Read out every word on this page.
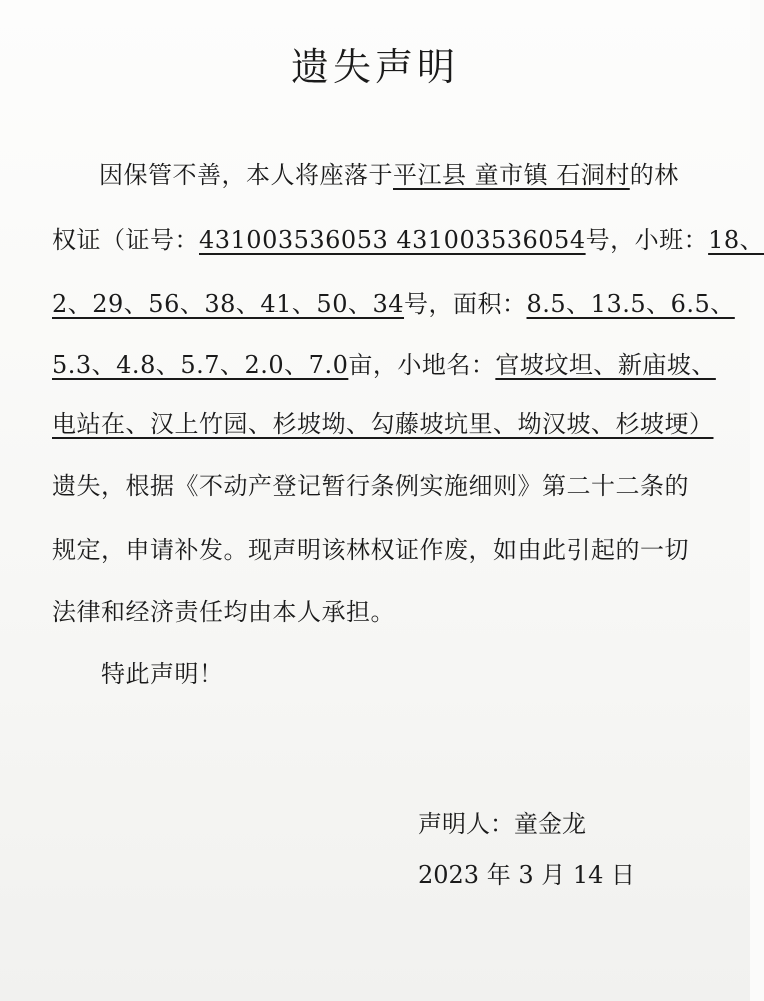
遗失声明
因保管不善，本人将座落于平江县 童市镇 石洞村的林
权证（证号：431003536053 431003536054号，小班：18、
2、29、56、38、41、50、34号，面积：8.5、13.5、6.5、
5.3、4.8、5.7、2.0、7.0亩，小地名：官坡坟坦、新庙坡、
电站在、汉上竹园、杉坡坳、勾藤坡坑里、坳汉坡、杉坡埂）
遗失，根据《不动产登记暂行条例实施细则》第二十二条的
规定，申请补发。现声明该林权证作废，如由此引起的一切
法律和经济责任均由本人承担。
特此声明！
声明人：童金龙
2023 年 3 月 14 日
